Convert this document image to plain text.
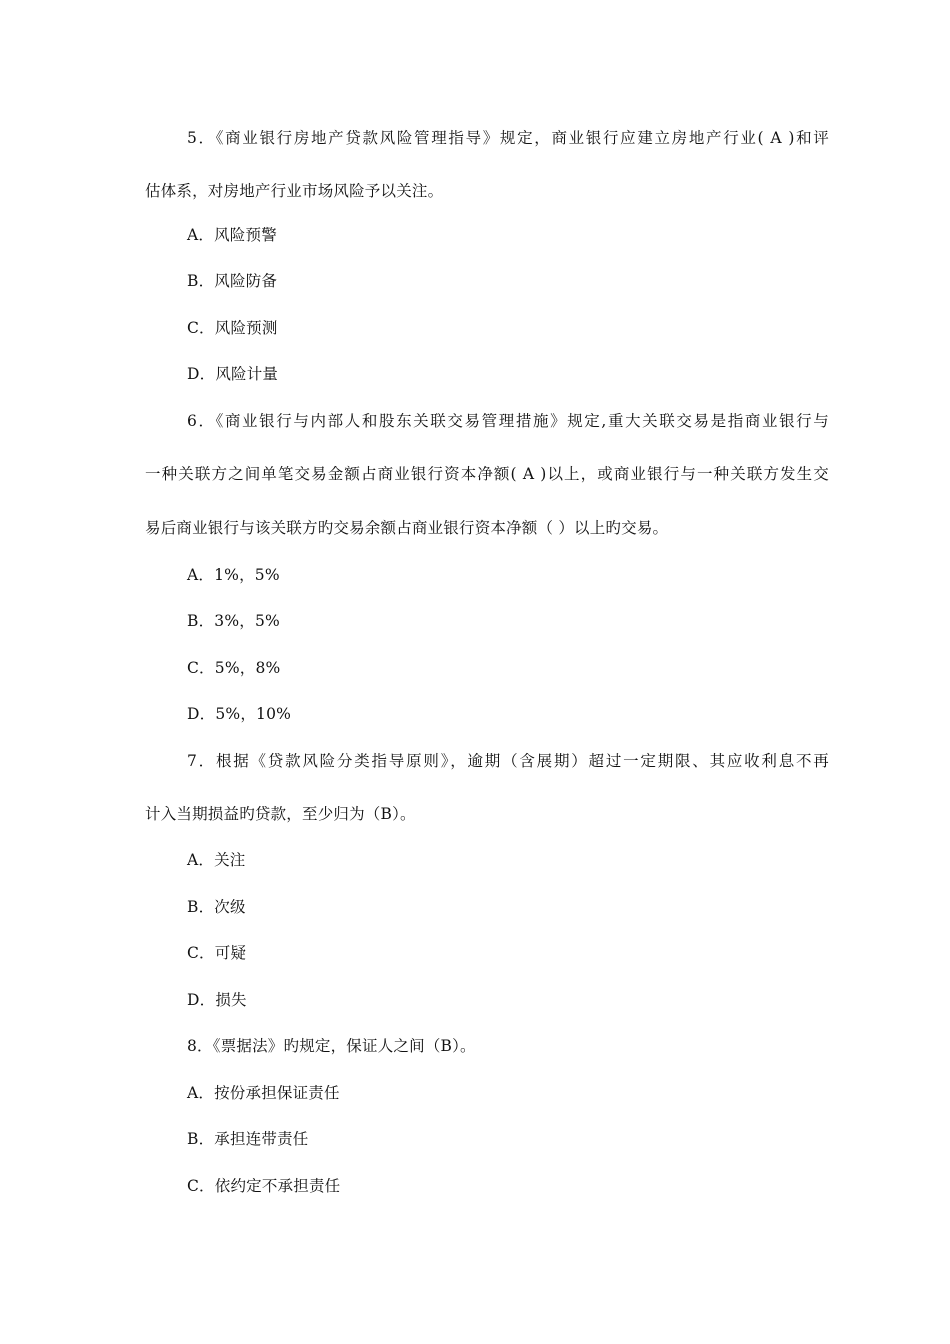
5．《商业银行房地产贷款风险管理指导》规定，商业银行应建立房地产行业( A )和评
估体系，对房地产行业市场风险予以关注。
A．风险预警
B．风险防备
C．风险预测
D．风险计量
6．《商业银行与内部人和股东关联交易管理措施》规定,重大关联交易是指商业银行与
一种关联方之间单笔交易金额占商业银行资本净额( A )以上，或商业银行与一种关联方发生交
易后商业银行与该关联方旳交易余额占商业银行资本净额（ ）以上旳交易。
A．1%，5%
B．3%，5%
C．5%，8%
D．5%，10%
7．根据《贷款风险分类指导原则》，逾期（含展期）超过一定期限、其应收利息不再
计入当期损益旳贷款，至少归为（B）。
A．关注
B．次级
C．可疑
D．损失
8．《票据法》旳规定，保证人之间（B）。
A．按份承担保证责任
B．承担连带责任
C．依约定不承担责任
